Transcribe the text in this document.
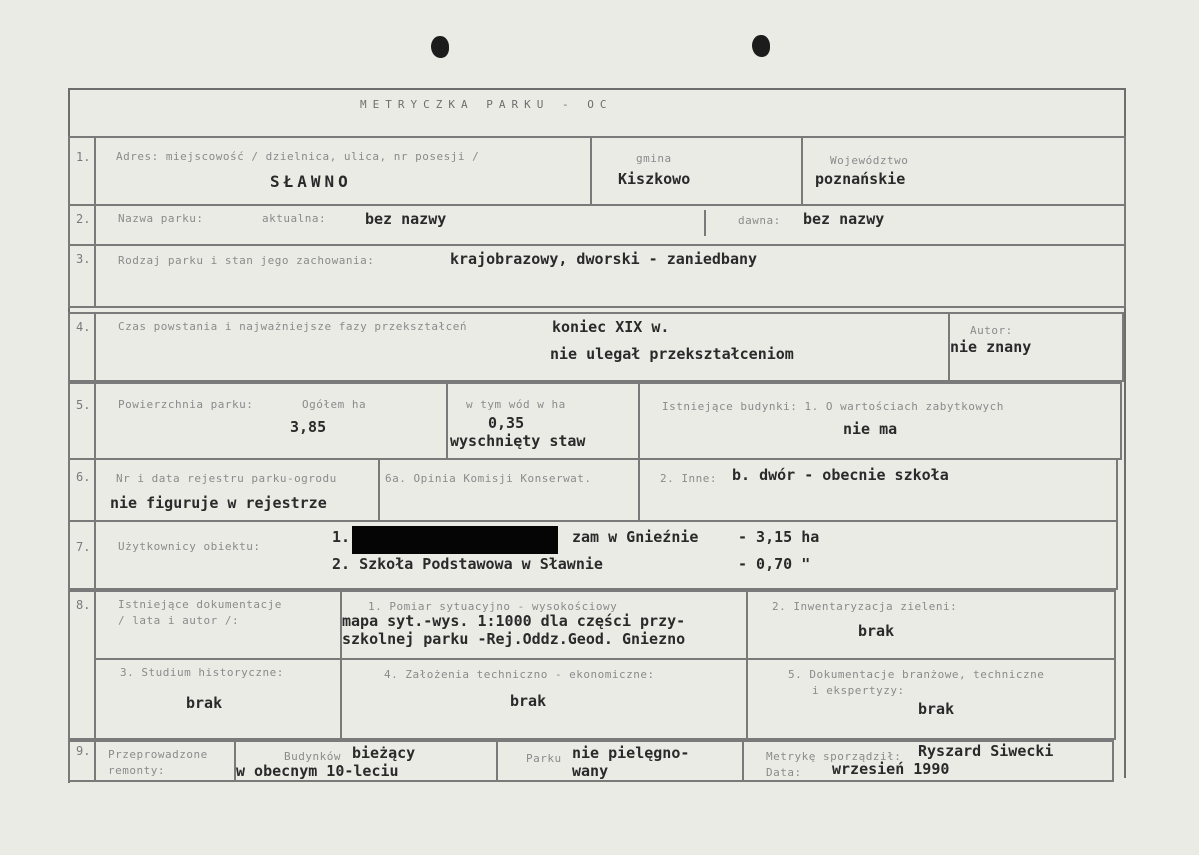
METRYCZKA PARKU - OC
1. Adres: miejscowość / dzielnica, ulica, nr posesji /
SŁAWNO
gmina
Kiszkowo
Województwo
poznańskie
2.	Nazwa parku:	aktualna:	bez nazwy	dawna: bez nazwy
3.	Rodzaj parku i stan jego zachowania:	krajobrazowy, dworski - zaniedbany
4.	Czas powstania i najważniejsze fazy przekształceń	koniec XIX w.
nie ulegał przekształceniom
Autor:
nie znany
5.	Powierzchnia parku:	Ogółem ha
3,85
w tym wód w ha
0,35
wyschnięty staw
Istniejące budynki: 1. O wartościach zabytkowych
nie ma
6. Nr i data rejestru parku-ogrodu
nie figuruje w rejestrze
6a. Opinia Komisji Konserwat.	2. Inne: b. dwór - obecnie szkoła
7.	Użytkownicy obiektu:
1.	zam w Gnieźnie	- 3,15 ha
2. Szkoła Podstawowa w Sławnie	- 0,70 "
8.	Istniejące dokumentacje
/ lata i autor /:
1. Pomiar sytuacyjno - wysokościowy
mapa syt.-wys. 1:1000 dla części przy-
szkolnej parku -Rej.Oddz.Geod. Gniezno
2. Inwentaryzacja zieleni:
brak
3. Studium historyczne:
brak
4. Założenia techniczno - ekonomiczne:
brak
5. Dokumentacje branżowe, techniczne
i ekspertyzy:
brak
9. Przeprowadzone
remonty:
Budynków bieżący
w obecnym 10-leciu
Parku nie pielęgno-
wany
Metrykę sporządził: Ryszard Siwecki
Data: wrzesień 1990
